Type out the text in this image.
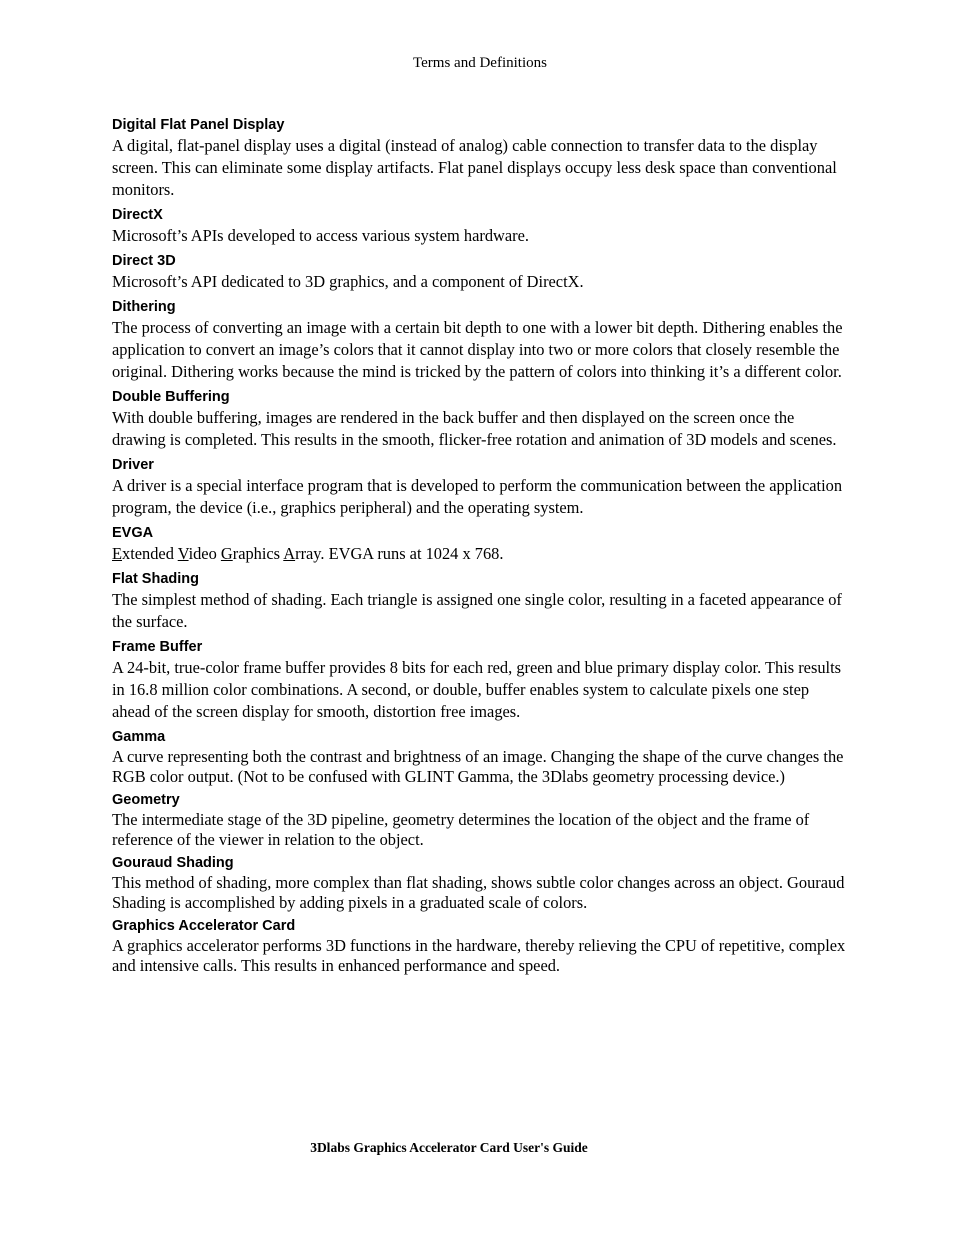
Terms and Definitions

Digital Flat Panel Display

A digital, flat-panel display uses a digital (instead of analog) cable connection to transfer data to the display screen. This can eliminate some display artifacts. Flat panel displays occupy less desk space than conventional monitors.

DirectX

Microsoft’s APIs developed to access various system hardware.

Direct 3D

Microsoft’s API dedicated to 3D graphics, and a component of DirectX.

Dithering

The process of converting an image with a certain bit depth to one with a lower bit depth. Dithering enables the application to convert an image’s colors that it cannot display into two or more colors that closely resemble the original. Dithering works because the mind is tricked by the pattern of colors into thinking it’s a different color.

Double Buffering

With double buffering, images are rendered in the back buffer and then displayed on the screen once the drawing is completed. This results in the smooth, flicker-free rotation and animation of 3D models and scenes.

Driver

A driver is a special interface program that is developed to perform the communication between the application program, the device (i.e., graphics peripheral) and the operating system.

EVGA

Extended Video Graphics Array. EVGA runs at 1024 x 768.

Flat Shading

The simplest method of shading. Each triangle is assigned one single color, resulting in a faceted appearance of the surface.

Frame Buffer

A 24-bit, true-color frame buffer provides 8 bits for each red, green and blue primary display color. This results in 16.8 million color combinations. A second, or double, buffer enables system to calculate pixels one step ahead of the screen display for smooth, distortion free images.

Gamma

A curve representing both the contrast and brightness of an image. Changing the shape of the curve changes the RGB color output. (Not to be confused with GLINT Gamma, the 3Dlabs geometry processing device.)

Geometry

The intermediate stage of the 3D pipeline, geometry determines the location of the object and the frame of reference of the viewer in relation to the object.

Gouraud Shading

This method of shading, more complex than flat shading, shows subtle color changes across an object. Gouraud Shading is accomplished by adding pixels in a graduated scale of colors.

Graphics Accelerator Card

A graphics accelerator performs 3D functions in the hardware, thereby relieving the CPU of repetitive, complex and intensive calls. This results in enhanced performance and speed.

3Dlabs Graphics Accelerator Card User's Guide
